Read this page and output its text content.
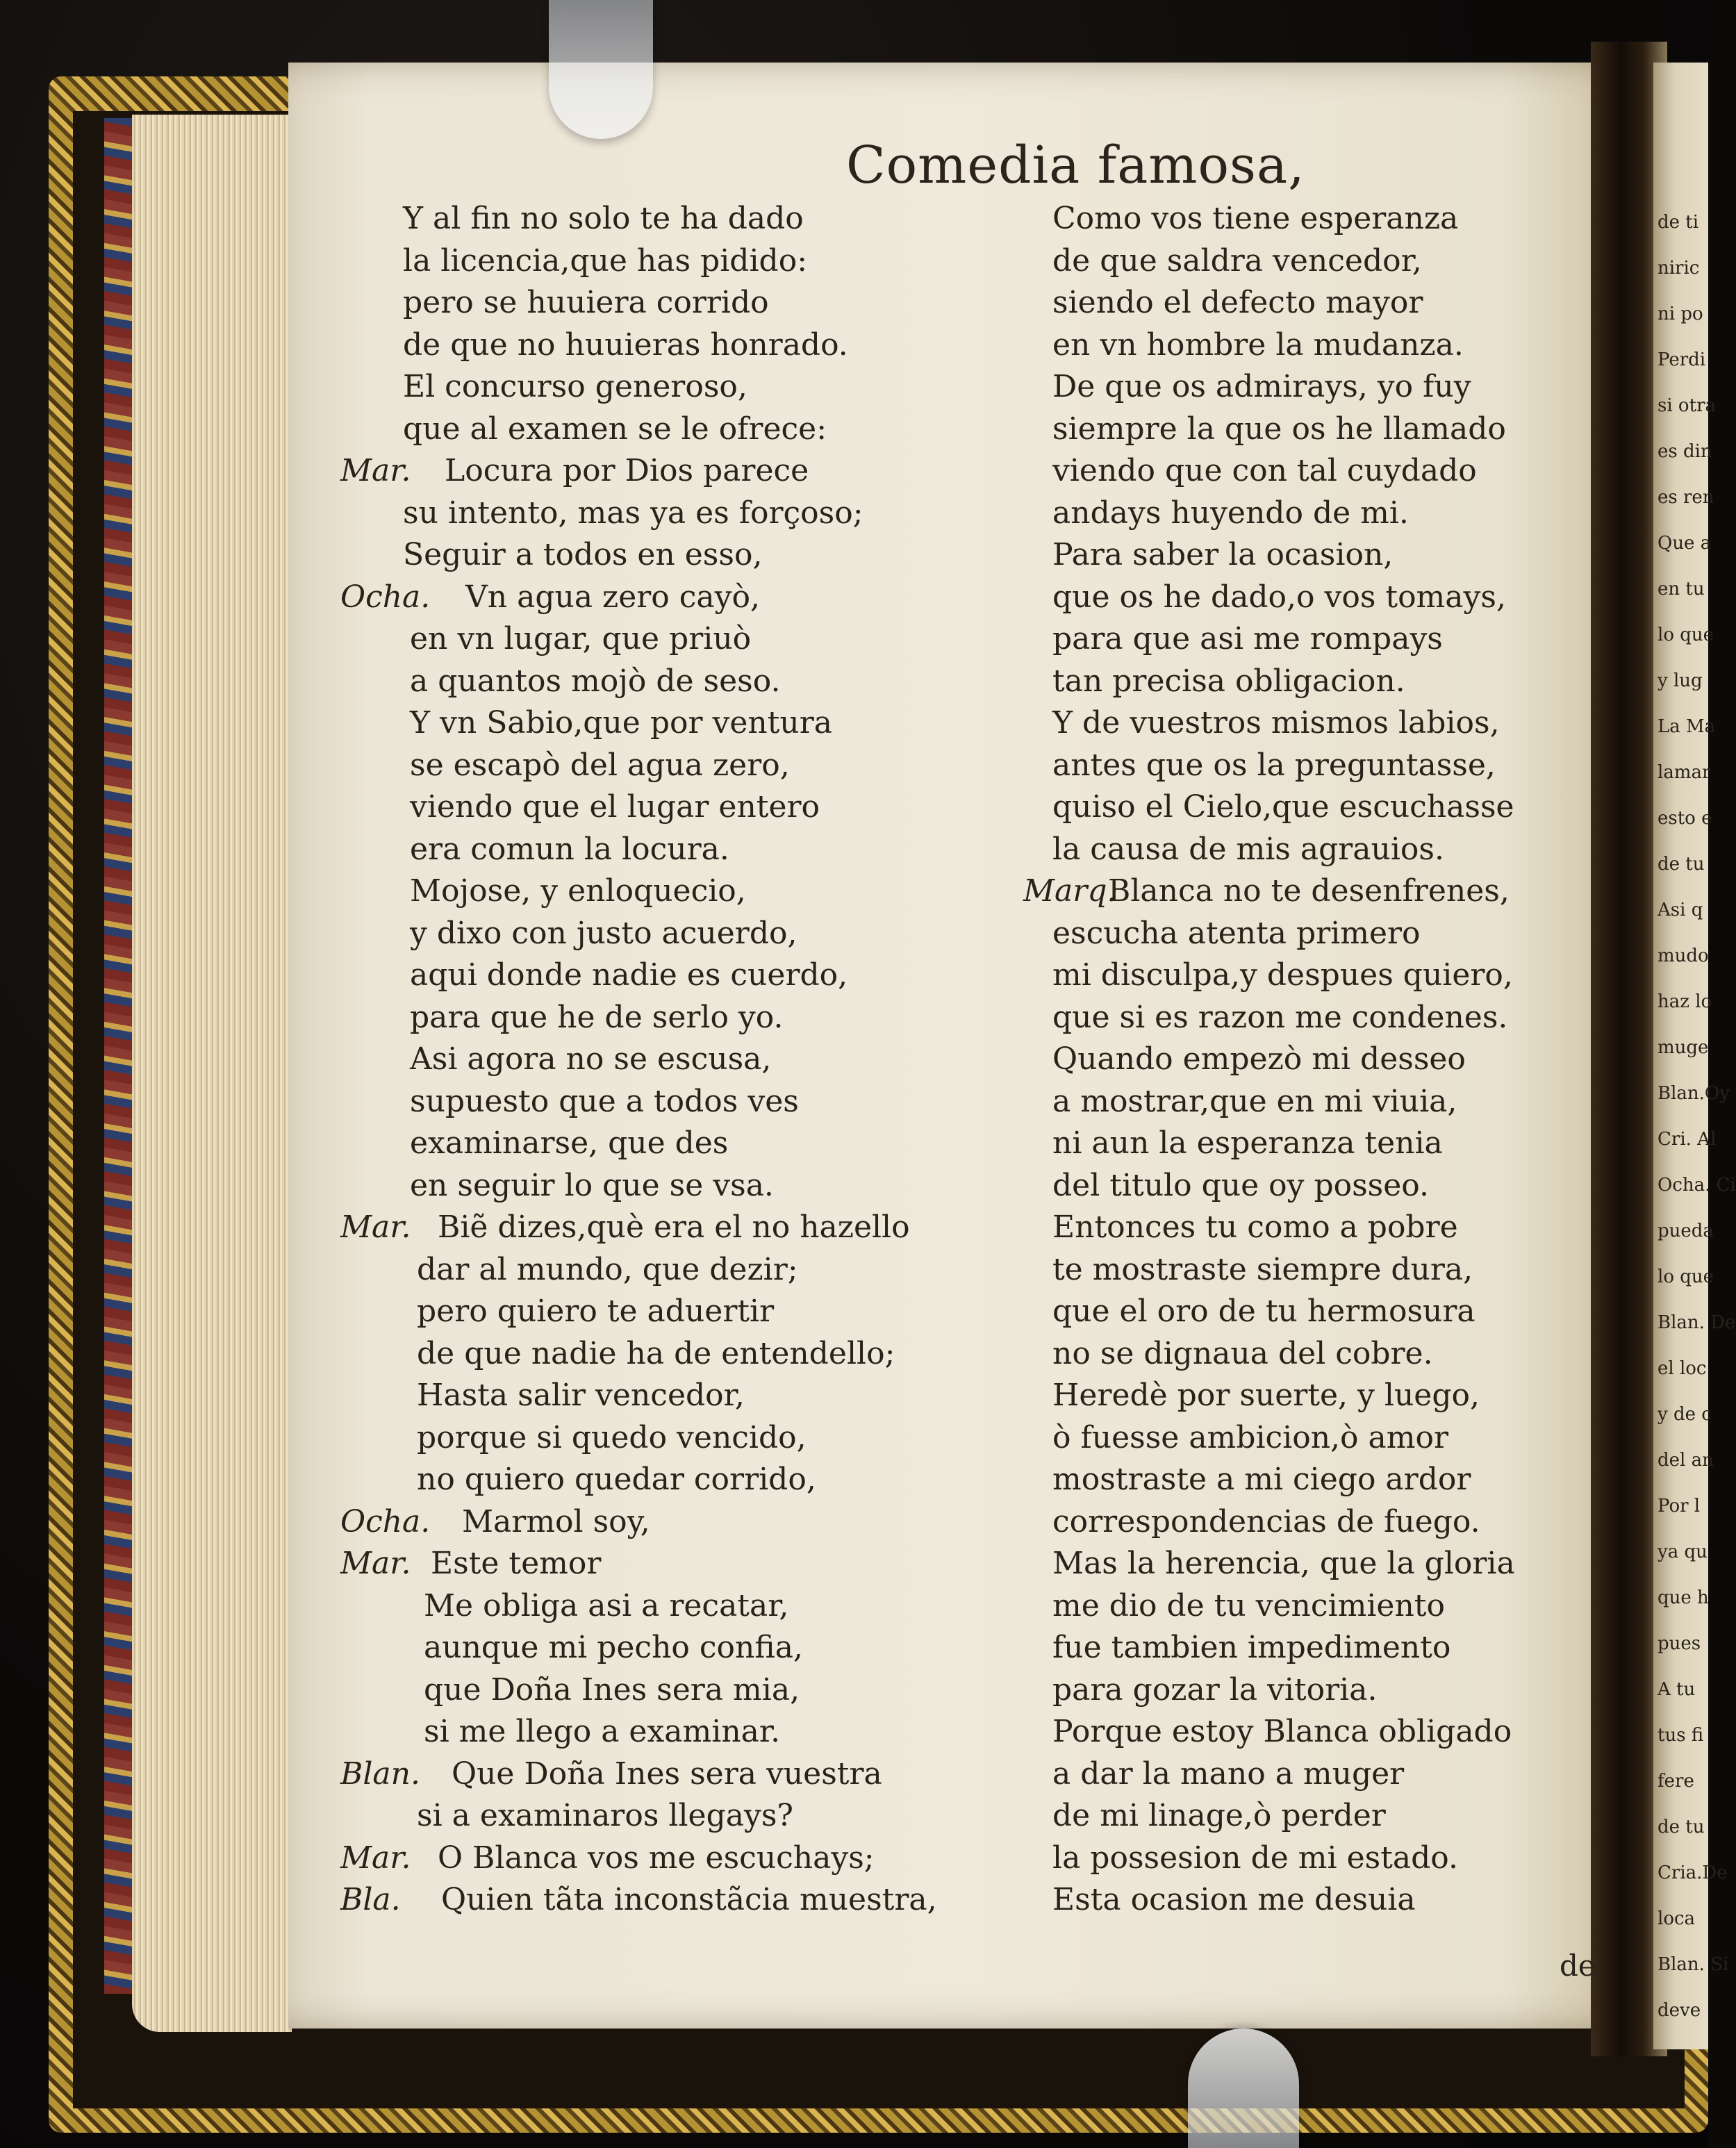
de ti
niric
ni po
Perdi
si otra
es din
es ren
Que a
en tu
lo que
y lug
La Ma
lamar
esto e
de tu
Asi q
mudo
haz lo
muge
Blan.Oy
Cri. Al
Ocha. Ci
pueda
lo que
Blan. De
el loc
y de c
del an
Por l
ya qu
que h
pues
A tu
tus fi
fere
de tu
Cria.De
loca
Blan. Si
deve
Comedia famosa,
Y al fin no solo te ha dado
la licencia,que has pidido:
pero se huuiera corrido
de que no huuieras honrado.
El concurso generoso,
que al examen se le ofrece:
Mar. Locura por Dios parece
su intento, mas ya es forçoso;
Seguir a todos en esso,
Ocha. Vn agua zero cayò,
en vn lugar, que priuò
a quantos mojò de seso.
Y vn Sabio,que por ventura
se escapò del agua zero,
viendo que el lugar entero
era comun la locura.
Mojose, y enloquecio,
y dixo con justo acuerdo,
aqui donde nadie es cuerdo,
para que he de serlo yo.
Asi agora no se escusa,
supuesto que a todos ves
examinarse, que des
en seguir lo que se vsa.
Mar. Biẽ dizes,què era el no hazello
dar al mundo, que dezir;
pero quiero te aduertir
de que nadie ha de entendello;
Hasta salir vencedor,
porque si quedo vencido,
no quiero quedar corrido,
Ocha. Marmol soy,
Mar. Este temor
Me obliga asi a recatar,
aunque mi pecho confia,
que Doña Ines sera mia,
si me llego a examinar.
Blan. Que Doña Ines sera vuestra
si a examinaros llegays?
Mar. O Blanca vos me escuchays;
Bla. Quien tãta inconstãcia muestra,
Como vos tiene esperanza
de que saldra vencedor,
siendo el defecto mayor
en vn hombre la mudanza.
De que os admirays, yo fuy
siempre la que os he llamado
viendo que con tal cuydado
andays huyendo de mi.
Para saber la ocasion,
que os he dado,o vos tomays,
para que asi me rompays
tan precisa obligacion.
Y de vuestros mismos labios,
antes que os la preguntasse,
quiso el Cielo,que escuchasse
la causa de mis agrauios.
Marq.
Blanca no te desenfrenes,
escucha atenta primero
mi disculpa,y despues quiero,
que si es razon me condenes.
Quando empezò mi desseo
a mostrar,que en mi viuia,
ni aun la esperanza tenia
del titulo que oy posseo.
Entonces tu como a pobre
te mostraste siempre dura,
que el oro de tu hermosura
no se dignaua del cobre.
Heredè por suerte, y luego,
ò fuesse ambicion,ò amor
mostraste a mi ciego ardor
correspondencias de fuego.
Mas la herencia, que la gloria
me dio de tu vencimiento
fue tambien impedimento
para gozar la vitoria.
Porque estoy Blanca obligado
a dar la mano a muger
de mi linage,ò perder
la possesion de mi estado.
Esta ocasion me desuia
de
